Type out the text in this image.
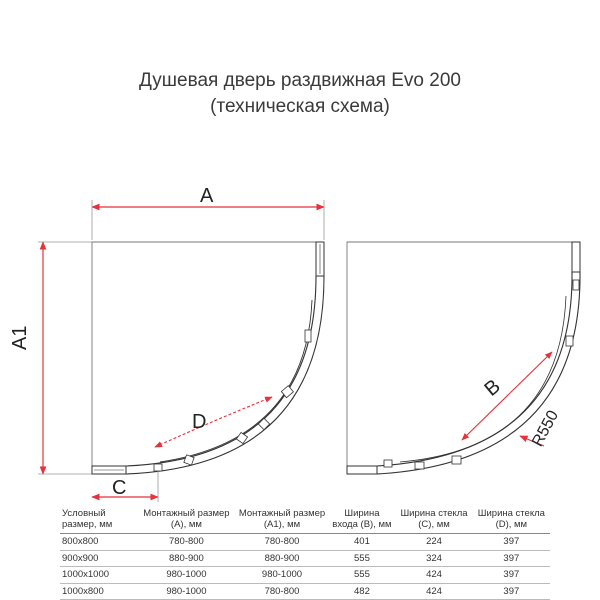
Душевая дверь раздвижная Evo 200
(техническая схема)
A
A1
D
C
B
R550
Условный размер, мм	Монтажный размер (А), мм	Монтажный размер (А1), мм	Ширина входа (В), мм	Ширина стекла (С), мм	Ширина стекла (D), мм
800x800	780-800	780-800	401	224	397
900x900	880-900	880-900	555	324	397
1000x1000	980-1000	980-1000	555	424	397
1000x800	980-1000	780-800	482	424	397
